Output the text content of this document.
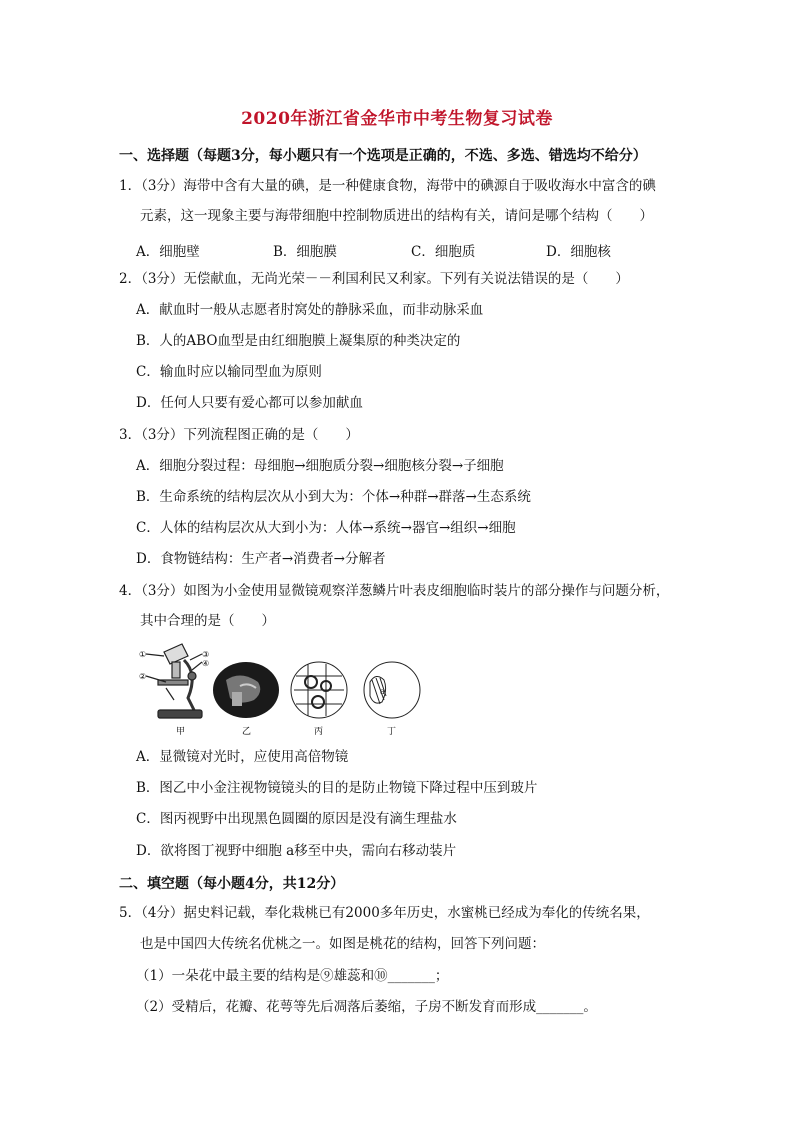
2020年浙江省金华市中考生物复习试卷
一、选择题（每题3分，每小题只有一个选项是正确的，不选、多选、错选均不给分）
1．（3分）海带中含有大量的碘，是一种健康食物，海带中的碘源自于吸收海水中富含的碘
元素，这一现象主要与海带细胞中控制物质进出的结构有关，请问是哪个结构（　　）
A．细胞壁	B．细胞膜	C．细胞质	D．细胞核
2．（3分）无偿献血，无尚光荣－－利国利民又利家。下列有关说法错误的是（　　）
A．献血时一般从志愿者肘窝处的静脉采血，而非动脉采血
B．人的ABO血型是由红细胞膜上凝集原的种类决定的
C．输血时应以输同型血为原则
D．任何人只要有爱心都可以参加献血
3．（3分）下列流程图正确的是（　　）
A．细胞分裂过程：母细胞→细胞质分裂→细胞核分裂→子细胞
B．生命系统的结构层次从小到大为：个体→种群→群落→生态系统
C．人体的结构层次从大到小为：人体→系统→器官→组织→细胞
D．食物链结构：生产者→消费者→分解者
4．（3分）如图为小金使用显微镜观察洋葱鳞片叶表皮细胞临时装片的部分操作与问题分析，
其中合理的是（　　）
①
②
③
④
a
甲	乙	丙	丁
A．显微镜对光时，应使用高倍物镜
B．图乙中小金注视物镜镜头的目的是防止物镜下降过程中压到玻片
C．图丙视野中出现黑色圆圈的原因是没有滴生理盐水
D．欲将图丁视野中细胞 a移至中央，需向右移动装片
二、填空题（每小题4分，共12分）
5．（4分）据史料记载，奉化栽桃已有2000多年历史，水蜜桃已经成为奉化的传统名果，
也是中国四大传统名优桃之一。如图是桃花的结构，回答下列问题：
（1）一朵花中最主要的结构是⑨雄蕊和⑩_______；
（2）受精后，花瓣、花萼等先后凋落后萎缩，子房不断发育而形成_______。
